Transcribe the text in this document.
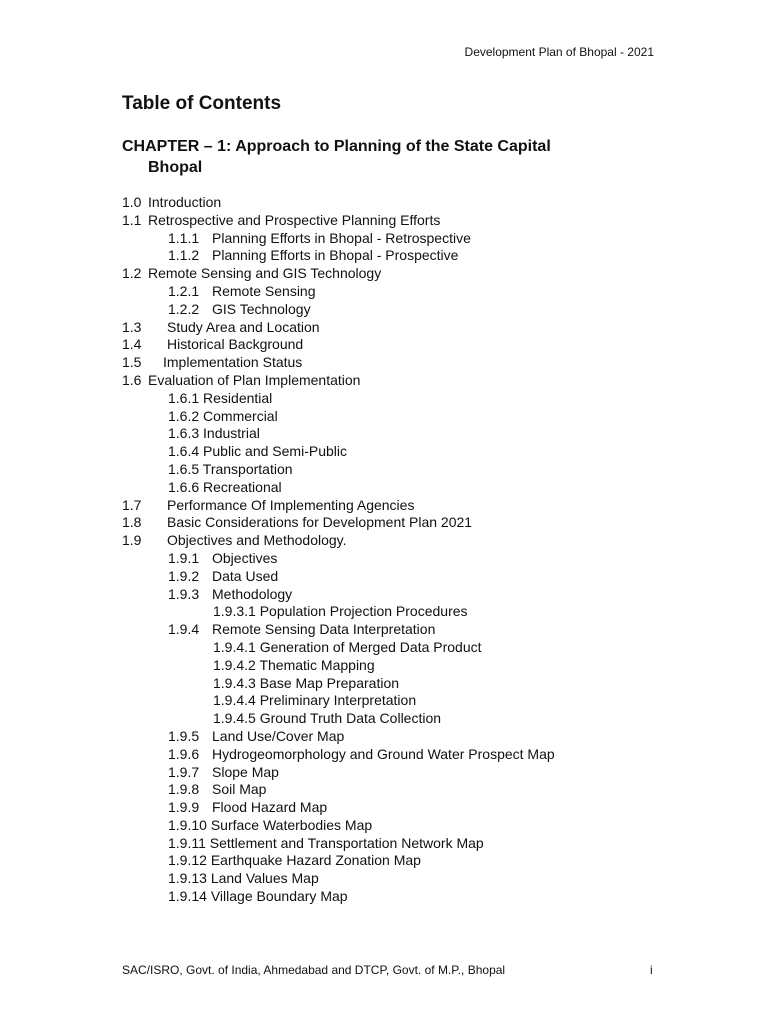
Development Plan of Bhopal - 2021
Table of Contents
CHAPTER – 1: Approach to Planning of the State Capital
Bhopal
1.0 Introduction
1.1 Retrospective and Prospective Planning Efforts
1.1.1 Planning Efforts in Bhopal - Retrospective
1.1.2 Planning Efforts in Bhopal - Prospective
1.2 Remote Sensing and GIS Technology
1.2.1 Remote Sensing
1.2.2 GIS Technology
1.3 Study Area and Location
1.4 Historical Background
1.5 Implementation Status
1.6 Evaluation of Plan Implementation
1.6.1 Residential
1.6.2 Commercial
1.6.3 Industrial
1.6.4 Public and Semi-Public
1.6.5 Transportation
1.6.6 Recreational
1.7 Performance Of Implementing Agencies
1.8 Basic Considerations for Development Plan 2021
1.9 Objectives and Methodology.
1.9.1 Objectives
1.9.2 Data Used
1.9.3 Methodology
1.9.3.1 Population Projection Procedures
1.9.4 Remote Sensing Data Interpretation
1.9.4.1 Generation of Merged Data Product
1.9.4.2 Thematic Mapping
1.9.4.3 Base Map Preparation
1.9.4.4 Preliminary Interpretation
1.9.4.5 Ground Truth Data Collection
1.9.5 Land Use/Cover Map
1.9.6 Hydrogeomorphology and Ground Water Prospect Map
1.9.7 Slope Map
1.9.8 Soil Map
1.9.9 Flood Hazard Map
1.9.10 Surface Waterbodies Map
1.9.11 Settlement and Transportation Network Map
1.9.12 Earthquake Hazard Zonation Map
1.9.13 Land Values Map
1.9.14 Village Boundary Map
SAC/ISRO, Govt. of India, Ahmedabad and DTCP, Govt. of M.P., Bhopal	i
